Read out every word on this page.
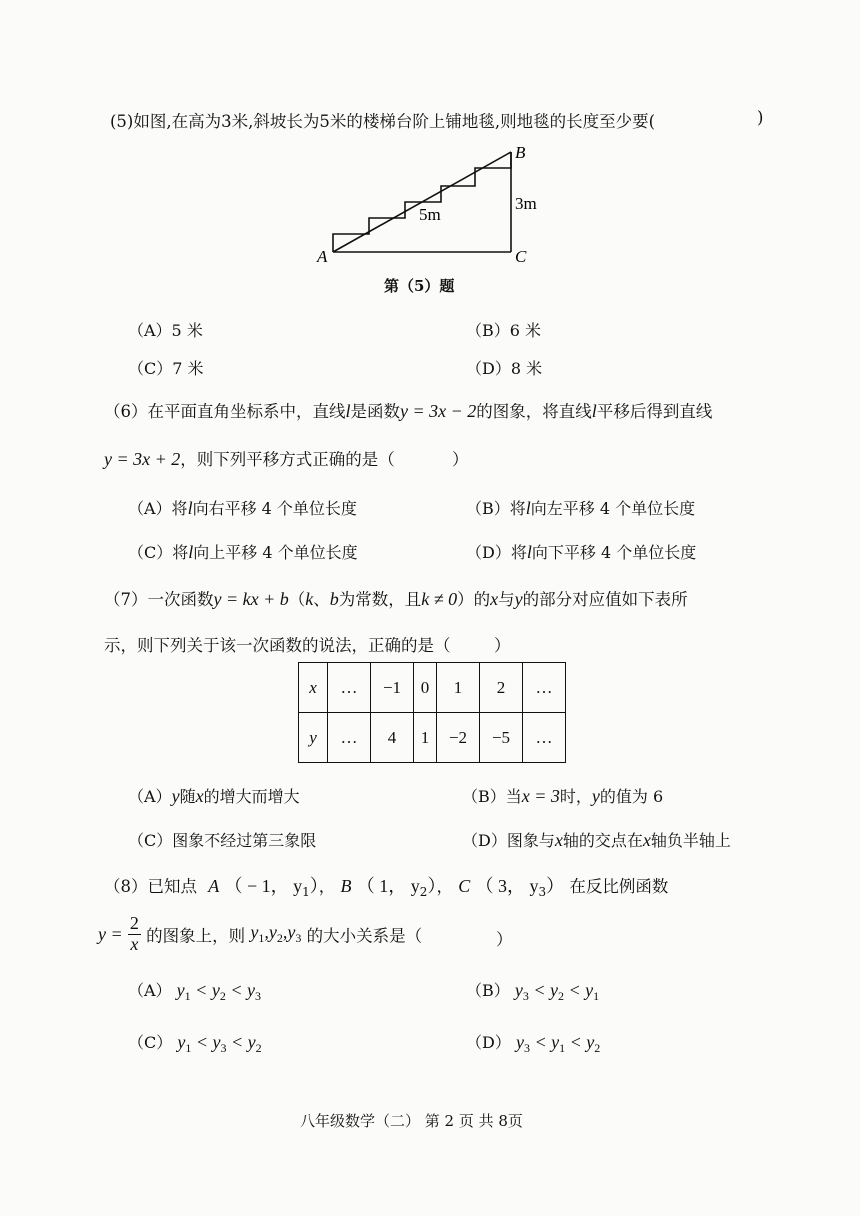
(5)如图,在高为3米,斜坡长为5米的楼梯台阶上铺地毯,则地毯的长度至少要(	)
A
B
C
5m
3m
第（5）题
（A）5 米	（B）6 米
（C）7 米	（D）8 米
（6）在平面直角坐标系中，直线l是函数y = 3x − 2的图象，将直线l平移后得到直线
y = 3x + 2，则下列平移方式正确的是（	）
（A）将l向右平移 4 个单位长度	（B）将l向左平移 4 个单位长度
（C）将l向上平移 4 个单位长度	（D）将l向下平移 4 个单位长度
（7）一次函数y = kx + b（k、b为常数，且k ≠ 0）的x与y的部分对应值如下表所
示，则下列关于该一次函数的说法，正确的是（	）
x	…	−1	0	1	2	…
y	…	4	1	−2	−5	…
（A）y随x的增大而增大	（B）当x = 3时，y的值为 6
（C）图象不经过第三象限	（D）图象与x轴的交点在x轴负半轴上
（8）已知点 A （ − 1， $y_1$）， B （ 1， $y_2$）， C （ 3， $y_3$） 在反比例函数
$y = \frac{2}{x}$ 的图象上，则 $y_1,y_2,y_3$ 的大小关系是（	）
（A） $y_1 < y_2 < y_3$	（B） $y_3 < y_2 < y_1$
（C） $y_1 < y_3 < y_2$	（D） $y_3 < y_1 < y_2$
八年级数学（二） 第 2 页 共 8页
